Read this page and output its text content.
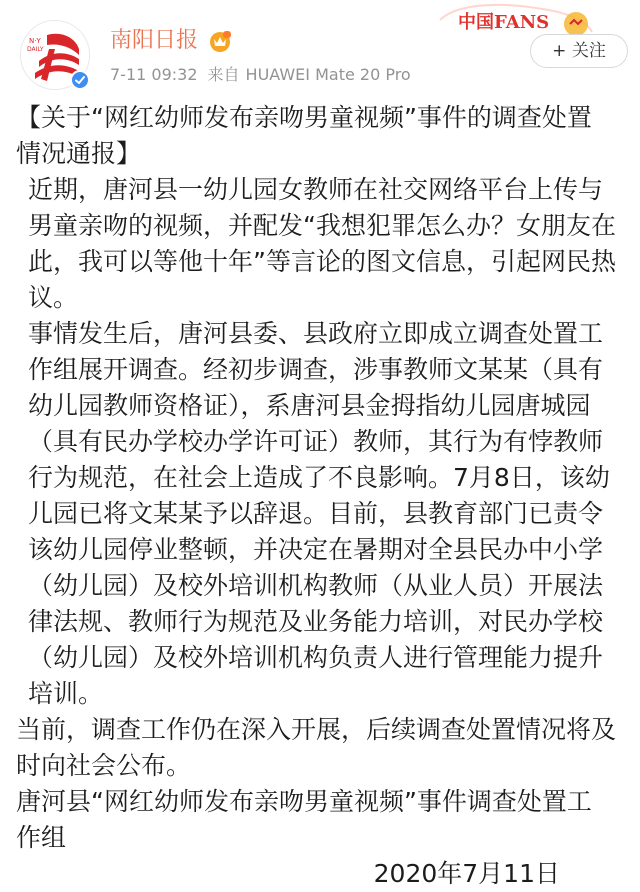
N·Y
DAILY	南阳日报
7-11 09:32 来自 HUAWEI Mate 20 Pro
中国FANS
+ 关注

【关于“网红幼师发布亲吻男童视频”事件的调查处置情况通报】

近期，唐河县一幼儿园女教师在社交网络平台上传与男童亲吻的视频，并配发“我想犯罪怎么办？女朋友在此，我可以等他十年”等言论的图文信息，引起网民热议。

事情发生后，唐河县委、县政府立即成立调查处置工作组展开调查。经初步调查，涉事教师文某某（具有幼儿园教师资格证），系唐河县金拇指幼儿园唐城园（具有民办学校办学许可证）教师，其行为有悖教师行为规范，在社会上造成了不良影响。7月8日，该幼儿园已将文某某予以辞退。目前，县教育部门已责令该幼儿园停业整顿，并决定在暑期对全县民办中小学（幼儿园）及校外培训机构教师（从业人员）开展法律法规、教师行为规范及业务能力培训，对民办学校（幼儿园）及校外培训机构负责人进行管理能力提升培训。

当前，调查工作仍在深入开展，后续调查处置情况将及时向社会公布。

唐河县“网红幼师发布亲吻男童视频”事件调查处置工作组

2020年7月11日
